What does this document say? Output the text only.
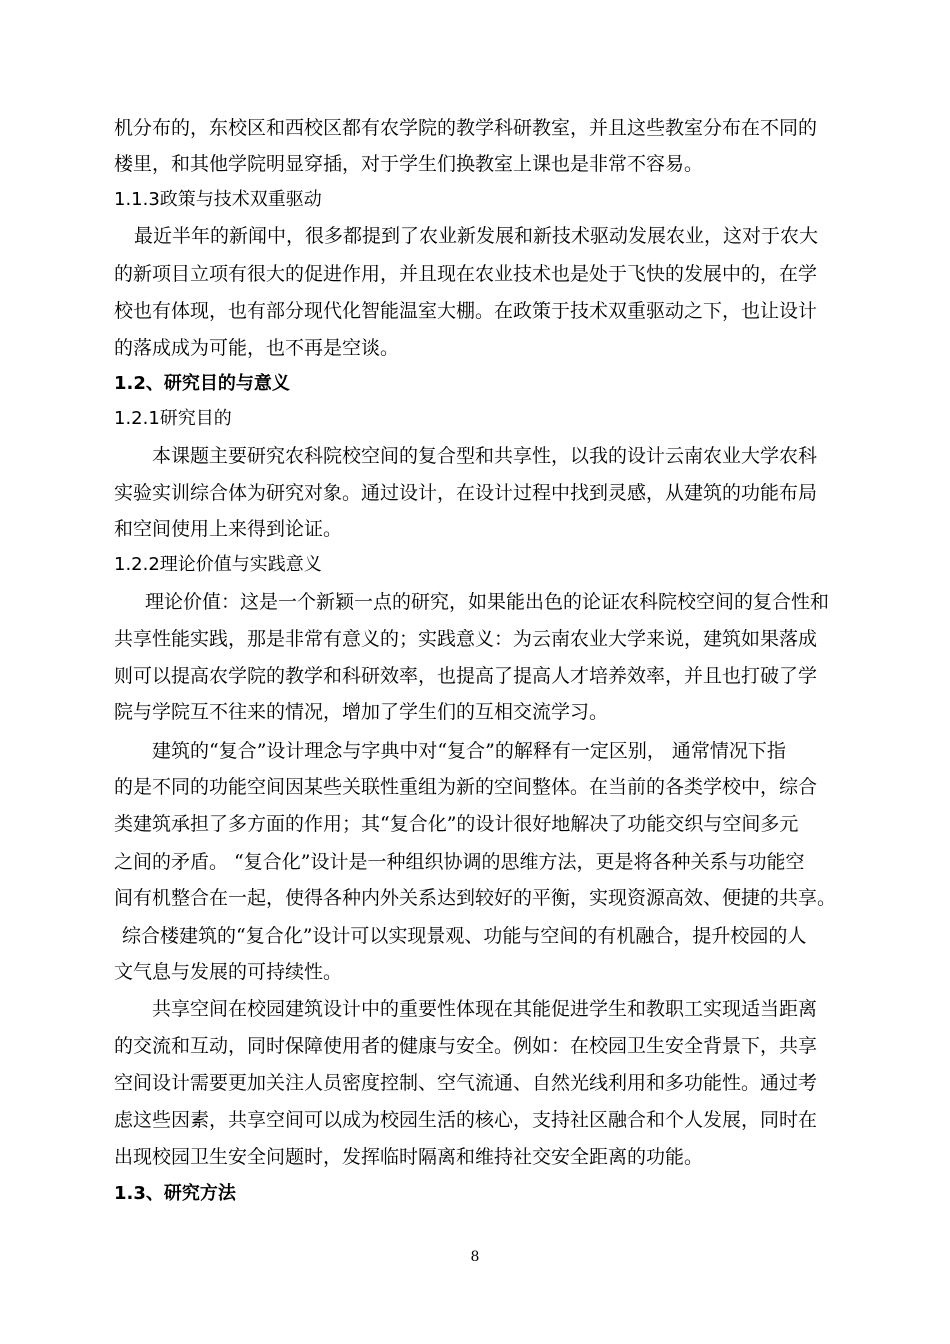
机分布的，东校区和西校区都有农学院的教学科研教室，并且这些教室分布在不同的
楼里，和其他学院明显穿插，对于学生们换教室上课也是非常不容易。
1.1.3政策与技术双重驱动
最近半年的新闻中，很多都提到了农业新发展和新技术驱动发展农业，这对于农大
的新项目立项有很大的促进作用，并且现在农业技术也是处于飞快的发展中的，在学
校也有体现，也有部分现代化智能温室大棚。在政策于技术双重驱动之下，也让设计
的落成成为可能，也不再是空谈。
1.2、研究目的与意义
1.2.1研究目的
本课题主要研究农科院校空间的复合型和共享性，以我的设计云南农业大学农科
实验实训综合体为研究对象。通过设计，在设计过程中找到灵感，从建筑的功能布局
和空间使用上来得到论证。
1.2.2理论价值与实践意义
理论价值：这是一个新颖一点的研究，如果能出色的论证农科院校空间的复合性和
共享性能实践，那是非常有意义的；实践意义：为云南农业大学来说，建筑如果落成
则可以提高农学院的教学和科研效率，也提高了提高人才培养效率，并且也打破了学
院与学院互不往来的情况，增加了学生们的互相交流学习。
建筑的“复合”设计理念与字典中对“复合”的解释有一定区别， 通常情况下指
的是不同的功能空间因某些关联性重组为新的空间整体。在当前的各类学校中，综合
类建筑承担了多方面的作用；其“复合化”的设计很好地解决了功能交织与空间多元
之间的矛盾。 “复合化”设计是一种组织协调的思维方法，更是将各种关系与功能空
间有机整合在一起，使得各种内外关系达到较好的平衡，实现资源高效、便捷的共享。
综合楼建筑的“复合化”设计可以实现景观、功能与空间的有机融合，提升校园的人
文气息与发展的可持续性。
共享空间在校园建筑设计中的重要性体现在其能促进学生和教职工实现适当距离
的交流和互动，同时保障使用者的健康与安全。例如：在校园卫生安全背景下，共享
空间设计需要更加关注人员密度控制、空气流通、自然光线利用和多功能性。通过考
虑这些因素，共享空间可以成为校园生活的核心，支持社区融合和个人发展，同时在
出现校园卫生安全问题时，发挥临时隔离和维持社交安全距离的功能。
1.3、研究方法
8
